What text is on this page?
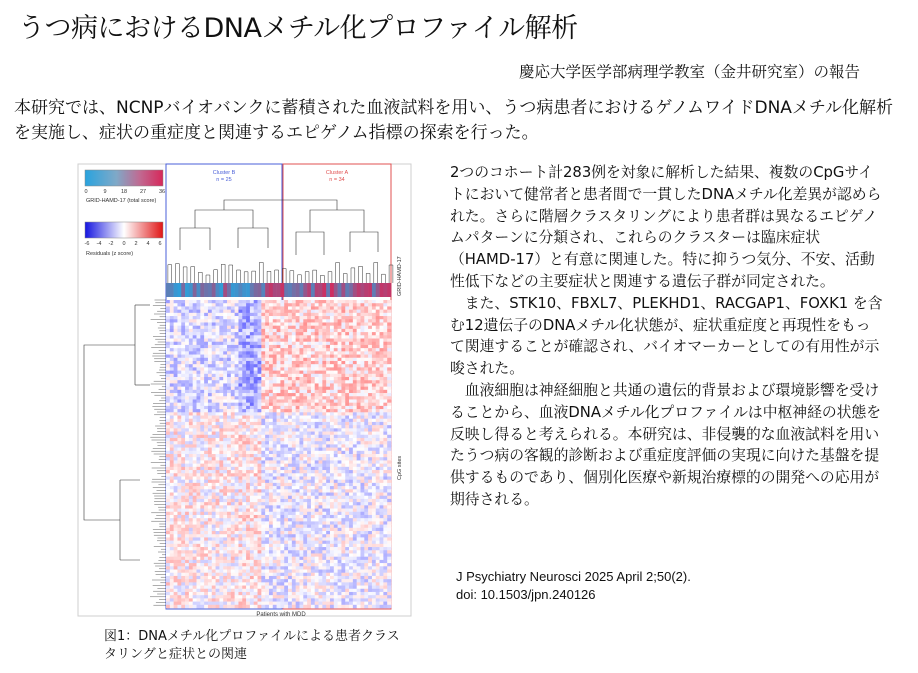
うつ病におけるDNAメチル化プロファイル解析
慶応大学医学部病理学教室（金井研究室）の報告
本研究では、NCNPバイオバンクに蓄積された血液試料を用い、うつ病患者におけるゲノムワイドDNAメチル化解析を実施し、症状の重症度と関連するエピゲノム指標の探索を行った。
0	9	18 27 36
GRID-HAMD-17 (total score)
-6 -4 -2 0 2 4 6
Residuals (z score)
Cluster B
n = 25
Cluster A
n = 34
GRID-HAMD-17
CpG sites
Patients with MDD

2つのコホート計283例を対象に解析した結果、複数のCpGサイトにおいて健常者と患者間で一貫したDNAメチル化差異が認められた。さらに階層クラスタリングにより患者群は異なるエピゲノムパターンに分類され、これらのクラスターは臨床症状（HAMD-17）と有意に関連した。特に抑うつ気分、不安、活動性低下などの主要症状と関連する遺伝子群が同定された。

また、STK10、FBXL7、PLEKHD1、RACGAP1、FOXK1 を含む12遺伝子のDNAメチル化状態が、症状重症度と再現性をもって関連することが確認され、バイオマーカーとしての有用性が示唆された。

血液細胞は神経細胞と共通の遺伝的背景および環境影響を受けることから、血液DNAメチル化プロファイルは中枢神経の状態を反映し得ると考えられる。本研究は、非侵襲的な血液試料を用いたうつ病の客観的診断および重症度評価の実現に向けた基盤を提供するものであり、個別化医療や新規治療標的の開発への応用が期待される。

J Psychiatry Neurosci 2025 April 2;50(2).
doi: 10.1503/jpn.240126
図1：DNAメチル化プロファイルによる患者クラスタリングと症状との関連
